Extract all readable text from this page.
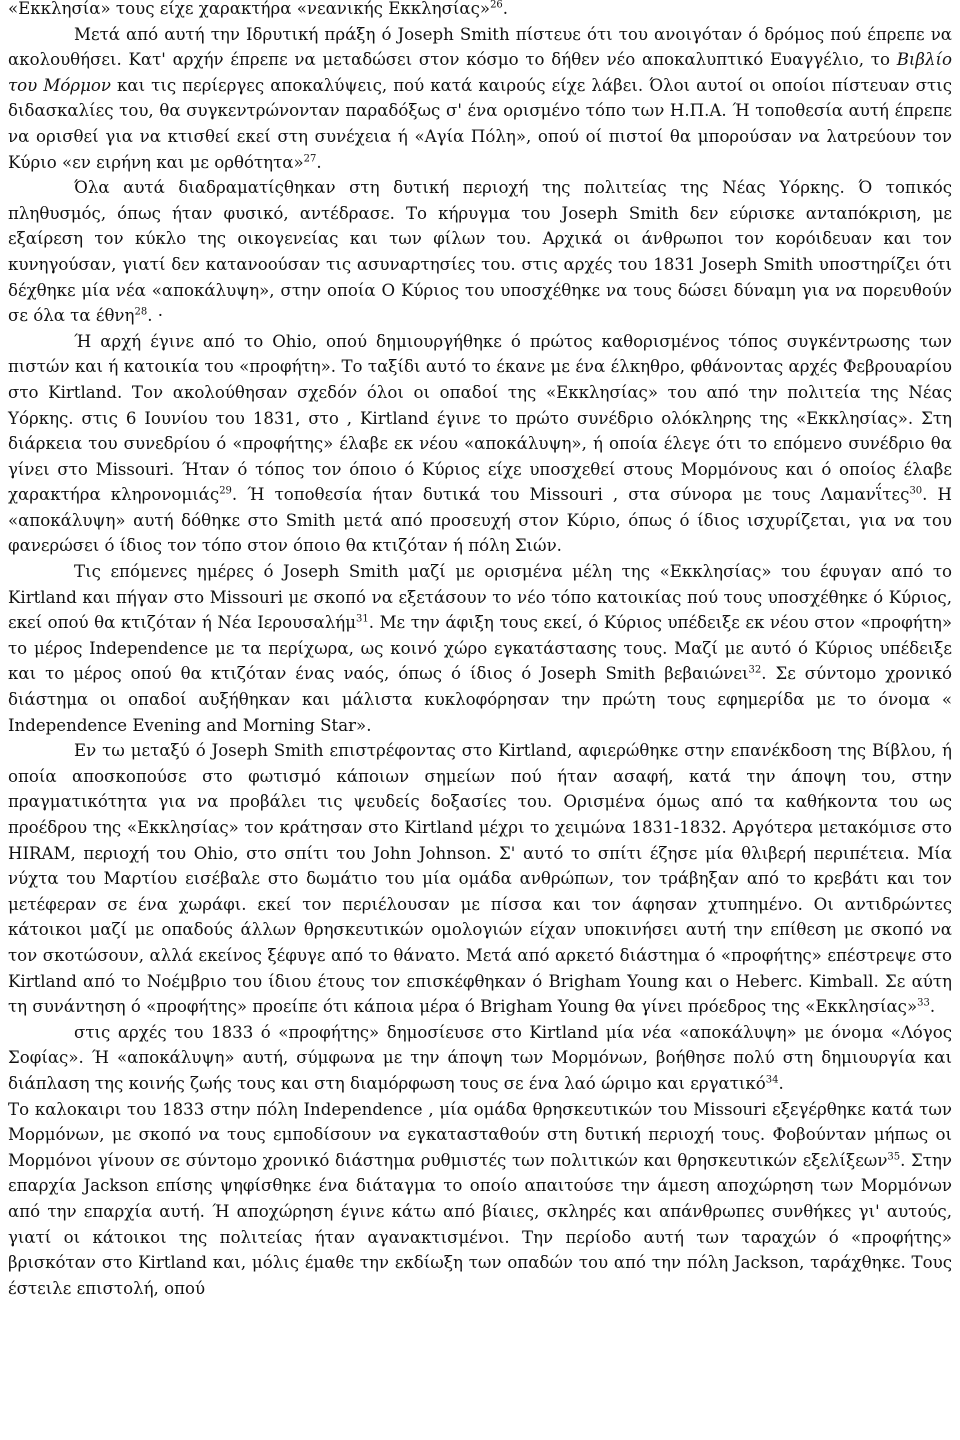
«Εκκλησία» τους είχε χαρακτήρα «νεανικής Εκκλησίας»$^{26}$.

Μετά από αυτή την Ιδρυτική πράξη ό Joseph Smith πίστευε ότι του ανοιγόταν ό δρόμος πού έπρεπε να ακολουθήσει. Κατ' αρχήν έπρεπε να μεταδώσει στον κόσμο το δήθεν νέο αποκαλυπτικό Ευαγγέλιο, το Βιβλίο του Μόρμον και τις περίεργες αποκαλύψεις, πού κατά καιρούς είχε λάβει. Όλοι αυτοί οι οποίοι πίστευαν στις διδασκαλίες του, θα συγκεντρώνονταν παραδόξως σ' ένα ορισμένο τόπο των Η.Π.Α. Ή τοποθεσία αυτή έπρεπε να ορισθεί για να κτισθεί εκεί στη συνέχεια ή «Αγία Πόλη», οπού οί πιστοί θα μπορούσαν να λατρεύουν τον Κύριο «εν ειρήνη και με ορθότητα»$^{27}$.

Όλα αυτά διαδραματίςθηκαν στη δυτική περιοχή της πολιτείας της Νέας Υόρκης. Ό τοπικός πληθυσμός, όπως ήταν φυσικό, αντέδρασε. Το κήρυγμα του Joseph Smith δεν εύρισκε ανταπόκριση, με εξαίρεση τον κύκλο της οικογενείας και των φίλων του. Αρχικά οι άνθρωποι τον κορόιδευαν και τον κυνηγούσαν, γιατί δεν κατανοούσαν τις ασυναρτησίες του. στις αρχές του 1831 Joseph Smith υποστηρίζει ότι δέχθηκε μία νέα «αποκάλυψη», στην οποία Ο Κύριος του υποσχέθηκε να τους δώσει δύναμη για να πορευθούν σε όλα τα έθνη$^{28}$. ·

Ή αρχή έγινε από το Ohio, οπού δημιουργήθηκε ό πρώτος καθορισμένος τόπος συγκέντρωσης των πιστών και ή κατοικία του «προφήτη». Το ταξίδι αυτό το έκανε με ένα έλκηθρο, φθάνοντας αρχές Φεβρουαρίου στο Kirtland. Τον ακολούθησαν σχεδόν όλοι οι οπαδοί της «Εκκλησίας» του από την πολιτεία της Νέας Υόρκης. στις 6 Ιουνίου του 1831, στο , Kirtland έγινε το πρώτο συνέδριο ολόκληρης της «Εκκλησίας». Στη διάρκεια του συνεδρίου ό «προφήτης» έλαβε εκ νέου «αποκάλυψη», ή οποία έλεγε ότι το επόμενο συνέδριο θα γίνει στο Missouri. Ήταν ό τόπος τον όποιο ό Κύριος είχε υποσχεθεί στους Μορμόνους και ό οποίος έλαβε χαρακτήρα κληρονομιάς$^{29}$. Ή τοποθεσία ήταν δυτικά του Missouri , στα σύνορα με τους Λαμανΐτες$^{30}$. Η «αποκάλυψη» αυτή δόθηκε στο Smith μετά από προσευχή στον Κύριο, όπως ό ίδιος ισχυρίζεται, για να του φανερώσει ό ίδιος τον τόπο στον όποιο θα κτιζόταν ή πόλη Σιών.

Τις επόμενες ημέρες ό Joseph Smith μαζί με ορισμένα μέλη της «Εκκλησίας» του έφυγαν από το Kirtland και πήγαν στο Missouri με σκοπό να εξετάσουν το νέο τόπο κατοικίας πού τους υποσχέθηκε ό Κύριος, εκεί οπού θα κτιζόταν ή Νέα Ιερουσαλήμ$^{31}$. Με την άφιξη τους εκεί, ό Κύριος υπέδειξε εκ νέου στον «προφήτη» το μέρος Independence με τα περίχωρα, ως κοινό χώρο εγκατάστασης τους. Μαζί με αυτό ό Κύριος υπέδειξε και το μέρος οπού θα κτιζόταν ένας ναός, όπως ό ίδιος ό Joseph Smith βεβαιώνει$^{32}$. Σε σύντομο χρονικό διάστημα οι οπαδοί αυξήθηκαν και μάλιστα κυκλοφόρησαν την πρώτη τους εφημερίδα με το όνομα « Independence Evening and Morning Star».

Εν τω μεταξύ ό Joseph Smith επιστρέφοντας στο Kirtland, αφιερώθηκε στην επανέκδοση της Βίβλου, ή οποία αποσκοπούσε στο φωτισμό κάποιων σημείων πού ήταν ασαφή, κατά την άποψη του, στην πραγματικότητα για να προβάλει τις ψευδείς δοξασίες του. Ορισμένα όμως από τα καθήκοντα του ως προέδρου της «Εκκλησίας» τον κράτησαν στο Kirtland μέχρι το χειμώνα 1831-1832. Αργότερα μετακόμισε στο HIRAM, περιοχή του Ohio, στο σπίτι του John Johnson. Σ' αυτό το σπίτι έζησε μία θλιβερή περιπέτεια. Μία νύχτα του Μαρτίου εισέβαλε στο δωμάτιο του μία ομάδα ανθρώπων, τον τράβηξαν από το κρεβάτι και τον μετέφεραν σε ένα χωράφι. εκεί τον περιέλουσαν με πίσσα και τον άφησαν χτυπημένο. Οι αντιδρώντες κάτοικοι μαζί με οπαδούς άλλων θρησκευτικών ομολογιών είχαν υποκινήσει αυτή την επίθεση με σκοπό να τον σκοτώσουν, αλλά εκείνος ξέφυγε από το θάνατο. Μετά από αρκετό διάστημα ό «προφήτης» επέστρεψε στο Kirtland από το Νοέμβριο του ίδιου έτους τον επισκέφθηκαν ό Brigham Young και ο Heberc. Kimball. Σε αύτη τη συνάντηση ό «προφήτης» προείπε ότι κάποια μέρα ό Brigham Young θα γίνει πρόεδρος της «Εκκλησίας»$^{33}$.

στις αρχές του 1833 ό «προφήτης» δημοσίευσε στο Kirtland μία νέα «αποκάλυψη» με όνομα «Λόγος Σοφίας». Ή «αποκάλυψη» αυτή, σύμφωνα με την άποψη των Μορμόνων, βοήθησε πολύ στη δημιουργία και διάπλαση της κοινής ζωής τους και στη διαμόρφωση τους σε ένα λαό ώριμο και εργατικό$^{34}$.

Το καλοκαιρι του 1833 στην πόλη Independence , μία ομάδα θρησκευτικών του Missouri εξεγέρθηκε κατά των Μορμόνων, με σκοπό να τους εμποδίσουν να εγκατασταθούν στη δυτική περιοχή τους. Φοβούνταν μήπως οι Μορμόνοι γίνουν σε σύντομο χρονικό διάστημα ρυθμιστές των πολιτικών και θρησκευτικών εξελίξεων$^{35}$. Στην επαρχία Jackson επίσης ψηφίσθηκε ένα διάταγμα το οποίο απαιτούσε την άμεση αποχώρηση των Μορμόνων από την επαρχία αυτή. Ή αποχώρηση έγινε κάτω από βίαιες, σκληρές και απάνθρωπες συνθήκες γι' αυτούς, γιατί οι κάτοικοι της πολιτείας ήταν αγανακτισμένοι. Την περίοδο αυτή των ταραχών ό «προφήτης» βρισκόταν στο Kirtland και, μόλις έμαθε την εκδίωξη των οπαδών του από την πόλη Jackson, ταράχθηκε. Τους έστειλε επιστολή, οπού
